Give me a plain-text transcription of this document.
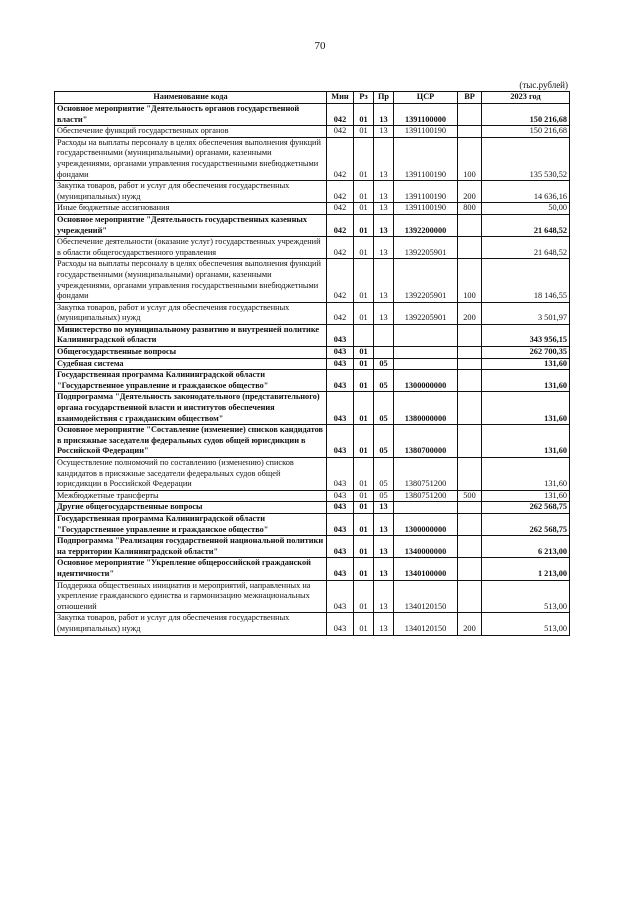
70
(тыс.рублей)
Наименование кода	Мин	Рз	Пр	ЦСР	ВР	2023 год
Основное мероприятие "Деятельность органов государственной власти"	042	01	13	1391100000		150 216,68
Обеспечение функций государственных органов	042	01	13	1391100190		150 216,68
Расходы на выплаты персоналу в целях обеспечения выполнения функций государственными (муниципальными) органами, казенными учреждениями, органами управления государственными внебюджетными фондами	042	01	13	1391100190	100	135 530,52
Закупка товаров, работ и услуг для обеспечения государственных (муниципальных) нужд	042	01	13	1391100190	200	14 636,16
Иные бюджетные ассигнования	042	01	13	1391100190	800	50,00
Основное мероприятие "Деятельность государственных казенных учреждений"	042	01	13	1392200000		21 648,52
Обеспечение деятельности (оказание услуг) государственных учреждений в области общегосударственного управления	042	01	13	1392205901		21 648,52
Расходы на выплаты персоналу в целях обеспечения выполнения функций государственными (муниципальными) органами, казенными учреждениями, органами управления государственными внебюджетными фондами	042	01	13	1392205901	100	18 146,55
Закупка товаров, работ и услуг для обеспечения государственных (муниципальных) нужд	042	01	13	1392205901	200	3 501,97
Министерство по муниципальному развитию и внутренней политике Калининградской области	043					343 956,15
Общегосударственные вопросы	043	01				262 700,35
Судебная система	043	01	05			131,60
Государственная программа Калининградской области "Государственное управление и гражданское общество"	043	01	05	1300000000		131,60
Подпрограмма "Деятельность законодательного (представительного) органа государственной власти и институтов обеспечения взаимодействия с гражданским обществом"	043	01	05	1380000000		131,60
Основное мероприятие "Составление (изменение) списков кандидатов в присяжные заседатели федеральных судов общей юрисдикции в Российской Федерации"	043	01	05	1380700000		131,60
Осуществление полномочий по составлению (изменению) списков кандидатов в присяжные заседатели федеральных судов общей юрисдикции в Российской Федерации	043	01	05	1380751200		131,60
Межбюджетные трансферты	043	01	05	1380751200	500	131,60
Другие общегосударственные вопросы	043	01	13			262 568,75
Государственная программа Калининградской области "Государственное управление и гражданское общество"	043	01	13	1300000000		262 568,75
Подпрограмма "Реализация государственной национальной политики на территории Калининградской области"	043	01	13	1340000000		6 213,00
Основное мероприятие "Укрепление общероссийской гражданской идентичности"	043	01	13	1340100000		1 213,00
Поддержка общественных инициатив и мероприятий, направленных на укрепление гражданского единства и гармонизацию межнациональных отношений	043	01	13	1340120150		513,00
Закупка товаров, работ и услуг для обеспечения государственных (муниципальных) нужд	043	01	13	1340120150	200	513,00
